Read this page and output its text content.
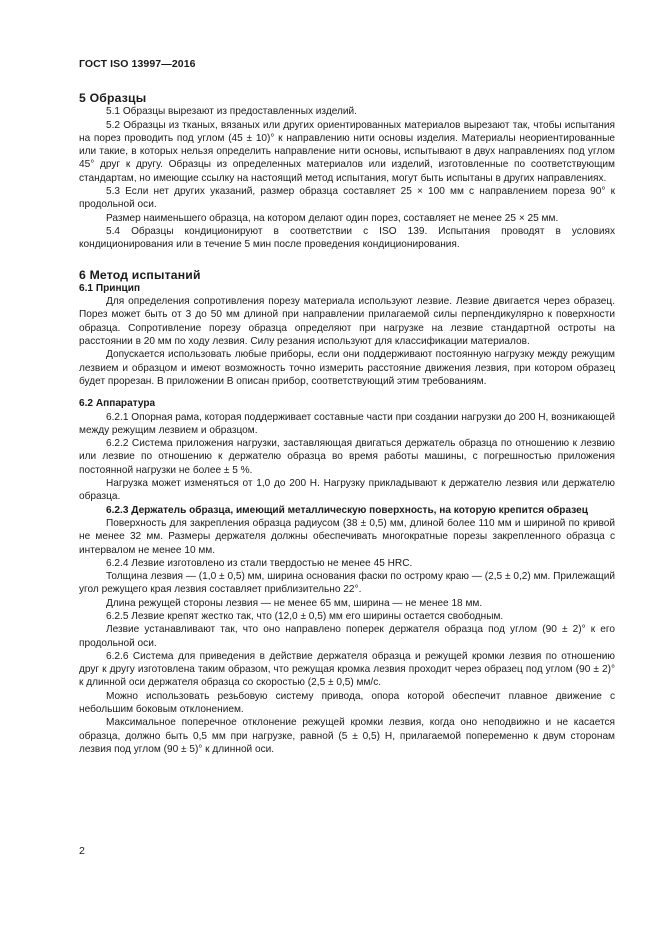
ГОСТ ISO 13997—2016

5 Образцы

5.1 Образцы вырезают из предоставленных изделий.

5.2 Образцы из тканых, вязаных или других ориентированных материалов вырезают так, чтобы испытания на порез проводить под углом (45 ± 10)° к направлению нити основы изделия. Материалы неориентированные или такие, в которых нельзя определить направление нити основы, испытывают в двух направлениях под углом 45° друг к другу. Образцы из определенных материалов или изделий, изготовленные по соответствующим стандартам, но имеющие ссылку на настоящий метод испытания, могут быть испытаны в других направлениях.

5.3 Если нет других указаний, размер образца составляет 25 × 100 мм с направлением пореза 90° к продольной оси.

Размер наименьшего образца, на котором делают один порез, составляет не менее 25 × 25 мм.

5.4 Образцы кондиционируют в соответствии с ISO 139. Испытания проводят в условиях кондиционирования или в течение 5 мин после проведения кондиционирования.

6 Метод испытаний

6.1 Принцип

Для определения сопротивления порезу материала используют лезвие. Лезвие двигается через образец. Порез может быть от 3 до 50 мм длиной при направлении прилагаемой силы перпендикулярно к поверхности образца. Сопротивление порезу образца определяют при нагрузке на лезвие стандартной остроты на расстоянии в 20 мм по ходу лезвия. Силу резания используют для классификации материалов.

Допускается использовать любые приборы, если они поддерживают постоянную нагрузку между режущим лезвием и образцом и имеют возможность точно измерить расстояние движения лезвия, при котором образец будет прорезан. В приложении В описан прибор, соответствующий этим требованиям.

6.2 Аппаратура

6.2.1 Опорная рама, которая поддерживает составные части при создании нагрузки до 200 Н, возникающей между режущим лезвием и образцом.

6.2.2 Система приложения нагрузки, заставляющая двигаться держатель образца по отношению к лезвию или лезвие по отношению к держателю образца во время работы машины, с погрешностью приложения постоянной нагрузки не более ± 5 %.

Нагрузка может изменяться от 1,0 до 200 Н. Нагрузку прикладывают к держателю лезвия или держателю образца.

6.2.3 Держатель образца, имеющий металлическую поверхность, на которую крепится образец

Поверхность для закрепления образца радиусом (38 ± 0,5) мм, длиной более 110 мм и шириной по кривой не менее 32 мм. Размеры держателя должны обеспечивать многократные порезы закрепленного образца с интервалом не менее 10 мм.

6.2.4 Лезвие изготовлено из стали твердостью не менее 45 HRC.

Толщина лезвия — (1,0 ± 0,5) мм, ширина основания фаски по острому краю — (2,5 ± 0,2) мм. Прилежащий угол режущего края лезвия составляет приблизительно 22°.

Длина режущей стороны лезвия — не менее 65 мм, ширина — не менее 18 мм.

6.2.5 Лезвие крепят жестко так, что (12,0 ± 0,5) мм его ширины остается свободным.

Лезвие устанавливают так, что оно направлено поперек держателя образца под углом (90 ± 2)° к его продольной оси.

6.2.6 Система для приведения в действие держателя образца и режущей кромки лезвия по отношению друг к другу изготовлена таким образом, что режущая кромка лезвия проходит через образец под углом (90 ± 2)° к длинной оси держателя образца со скоростью (2,5 ± 0,5) мм/с.

Можно использовать резьбовую систему привода, опора которой обеспечит плавное движение с небольшим боковым отклонением.

Максимальное поперечное отклонение режущей кромки лезвия, когда оно неподвижно и не касается образца, должно быть 0,5 мм при нагрузке, равной (5 ± 0,5) Н, прилагаемой попеременно к двум сторонам лезвия под углом (90 ± 5)° к длинной оси.

2
